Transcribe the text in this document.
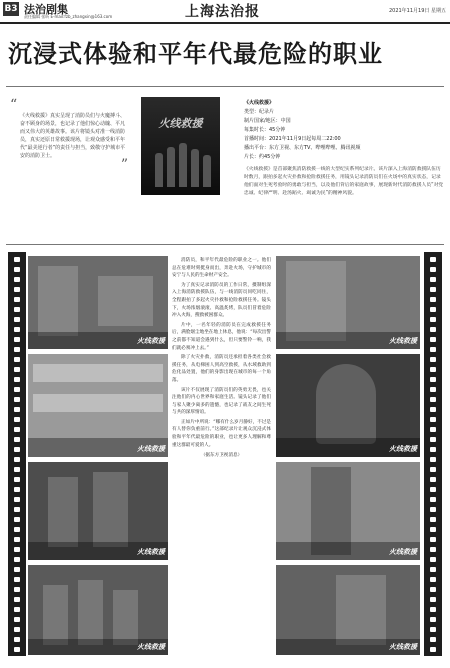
B3 法治剧集
责任编辑 张昕 E-mail:fzb_zhangxin@163.com	上海法治报	2021年11月19日 星期五
沉浸式体验和平年代最危险的职业
“

《火线救援》真实呈现了消防员们与火魔搏斗、奋不顾身的场景，也记录了他们惊心动魄、平凡而又伟大的英雄故事。该片将镜头对准一线消防员，真实还原日常救援现场，让观众感受和平年代“最美逆行者”的责任与担当，致敬守护城市平安的消防卫士。

”
火线救援
《火线救援》
类型：纪录片
制片国家/地区：中国
每集时长：45分钟
首播时间：2021年11月9日起每周二22:00
播出平台：东方卫视、东方TV、哔哩哔哩、腾讯视频
片长：约45分钟
《火线救援》是首部聚焦消防救援一线的大型纪实系列纪录片。该片深入上海消防救援队伍历时数月，跟拍多起火灾扑救和抢险救援任务，用镜头记录消防员们在火场中的真实状态，记录他们面对生死考验时的勇敢与担当，以及他们背后的家庭故事，展现新时代消防救援人员“对党忠诚、纪律严明、赴汤蹈火、竭诚为民”的精神风貌。
火线救援
火线救援
火线救援
火线救援
火线救援
火线救援
火线救援
火线救援

消防员，和平年代最危险的职业之一。他们总在危难时刻挺身而出，奔赴火场，守护城市的安宁与人民的生命财产安全。

为了真实记录消防员的工作日常，摄制组深入上海消防救援队伍，与一线消防员同吃同住，全程跟拍了多起火灾扑救和抢险救援任务。镜头下，火场浓烟滚滚、高温炙烤，队员们冒着危险冲入火海，搜救被困群众。

片中，一名年轻的消防员在完成救援任务后，满脸烟尘地坐在地上休息，他说：“每次出警之前都不知道会遇到什么，但只要警铃一响，我们就必须冲上去。”

除了火灾扑救，消防员还承担着各类社会救援任务，从电梯困人到高空救援，从水域救助到危化品处置，他们的身影出现在城市的每一个角落。

该片不仅展现了消防员们的英勇无畏，也关注他们的内心世界和家庭生活。镜头记录了他们与家人聚少离多的遗憾，也记录了战友之间生死与共的深厚情谊。

正如片中所说：“哪有什么岁月静好，不过是有人替你负重前行。”这部纪录片让观众沉浸式体验和平年代最危险的职业，也让更多人理解和尊重这群最可爱的人。

（据东方卫视消息）
